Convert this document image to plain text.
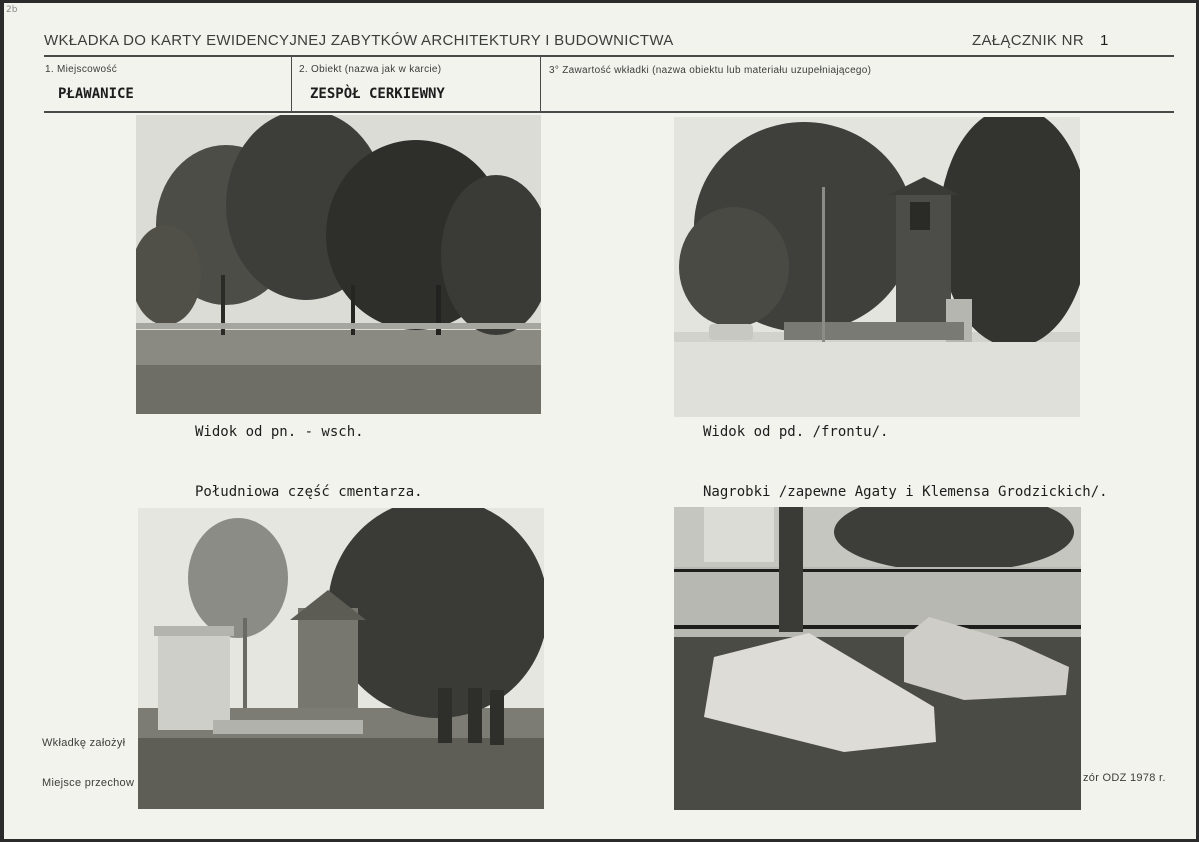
2b
WKŁADKA DO KARTY EWIDENCYJNEJ ZABYTKÓW ARCHITEKTURY I BUDOWNICTWA	ZAŁĄCZNIK NR 1
1. Miejscowość
PŁAWANICE
2. Obiekt (nazwa jak w karcie)
ZESPÒŁ CERKIEWNY
3° Zawartość wkładki (nazwa obiektu lub materiału uzupełniającego)
Widok od pn. - wsch.	Widok od pd. /frontu/.
Południowa część cmentarza.	Nagrobki /zapewne Agaty i Klemensa Grodzickich/.
Wkładkę założył
Miejsce przechow	zór ODZ 1978 r.
